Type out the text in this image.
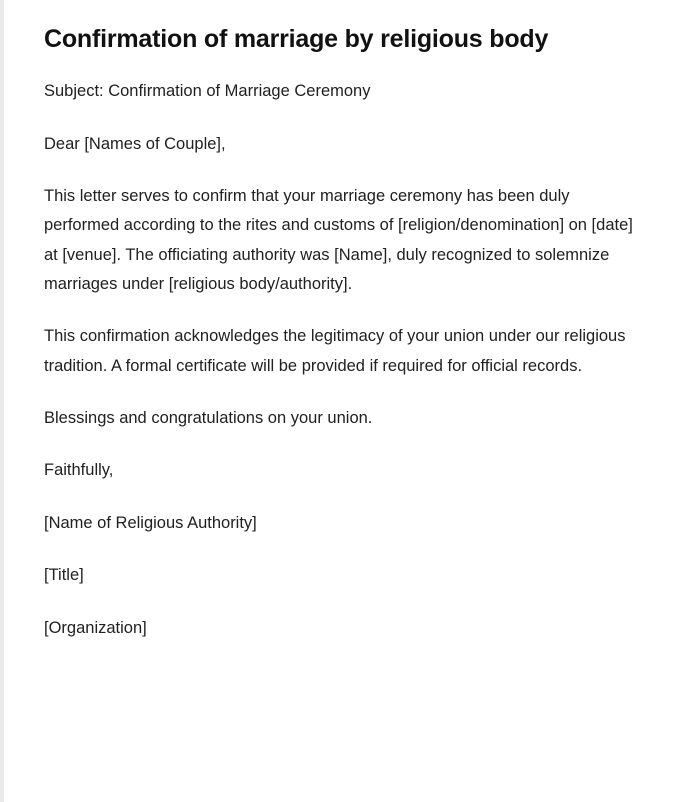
Confirmation of marriage by religious body

Subject: Confirmation of Marriage Ceremony

Dear [Names of Couple],

This letter serves to confirm that your marriage ceremony has been duly performed according to the rites and customs of [religion/denomination] on [date] at [venue]. The officiating authority was [Name], duly recognized to solemnize marriages under [religious body/authority].

This confirmation acknowledges the legitimacy of your union under our religious tradition. A formal certificate will be provided if required for official records.

Blessings and congratulations on your union.

Faithfully,

[Name of Religious Authority]

[Title]

[Organization]
